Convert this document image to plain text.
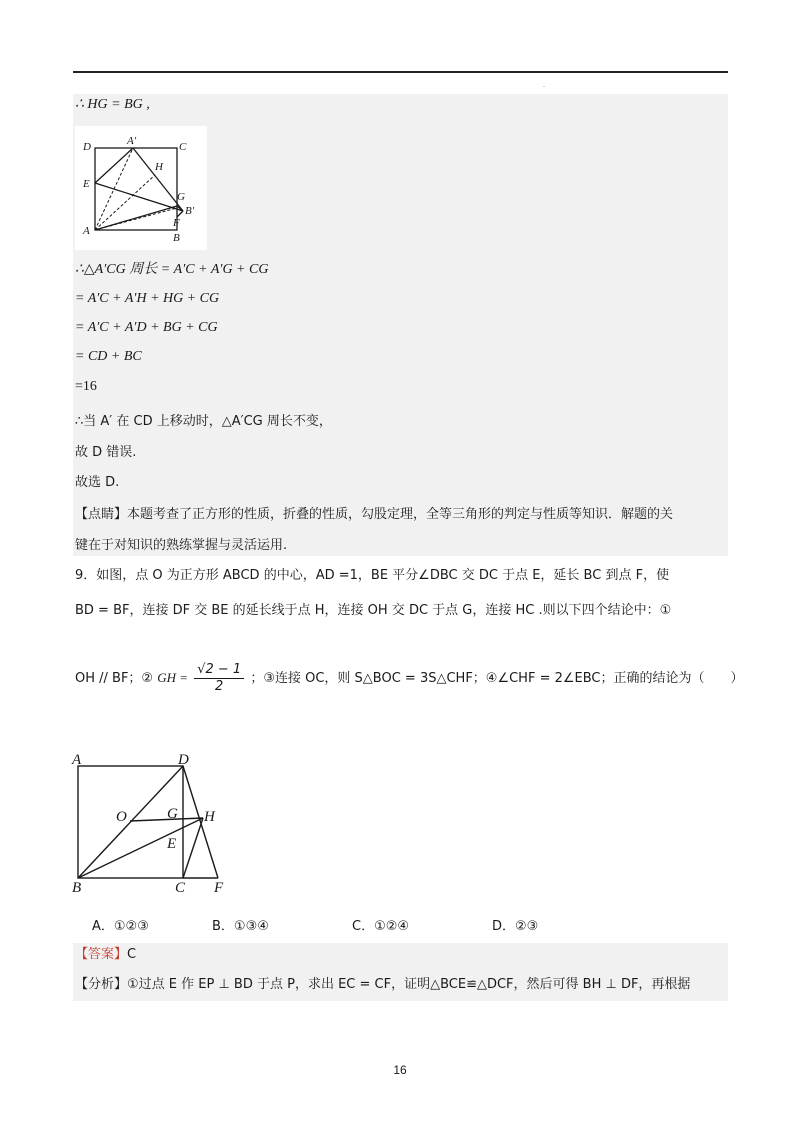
.
∴ HG = BG ,
D	A′	C
H
E
G
B′
A
F
B
∴△A′CG 周长 = A′C + A′G + CG
= A′C + A′H + HG + CG
= A′C + A′D + BG + CG
= CD + BC
=16
∴当 A′ 在 CD 上移动时，△A′CG 周长不变，
故 D 错误.
故选 D.
【点睛】本题考查了正方形的性质，折叠的性质，勾股定理，全等三角形的判定与性质等知识．解题的关
键在于对知识的熟练掌握与灵活运用.
9．如图，点 O 为正方形 ABCD 的中心，AD =1，BE 平分∠DBC 交 DC 于点 E，延长 BC 到点 F，使
BD = BF，连接 DF 交 BE 的延长线于点 H，连接 OH 交 DC 于点 G，连接 HC .则以下四个结论中：①
OH // BF；② GH = $\frac{√2 - 1}{2}$ ；③连接 OC，则 S△BOC = 3S△CHF；④∠CHF = 2∠EBC；正确的结论为（　　）
A	D
O	G H
E
B	C F
A．①②③	B．①③④	C．①②④	D．②③
【答案】C
【分析】①过点 E 作 EP ⊥ BD 于点 P，求出 EC = CF，证明△BCE≌△DCF，然后可得 BH ⊥ DF，再根据
16
